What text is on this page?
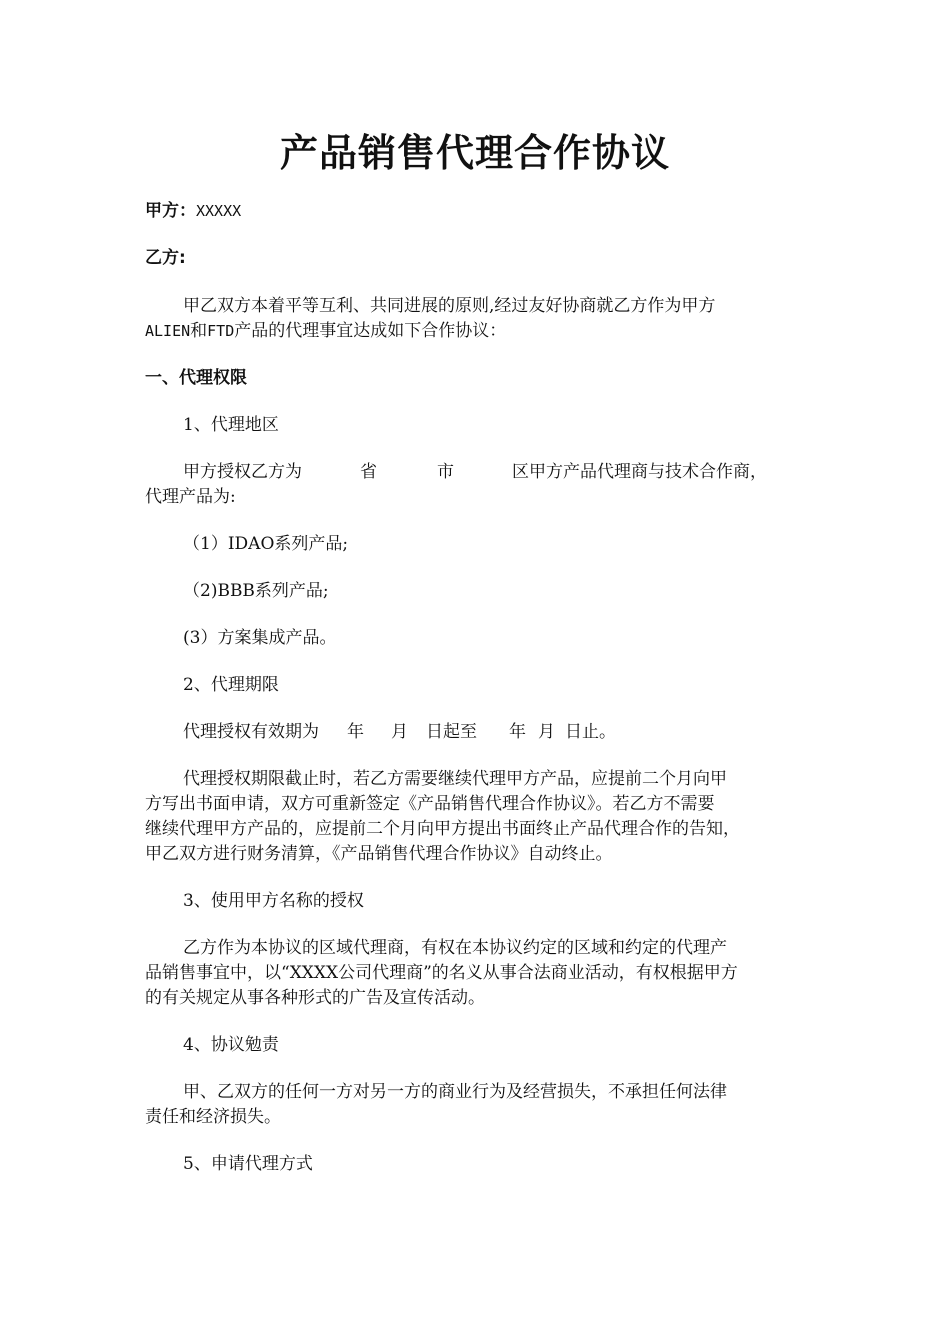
产品销售代理合作协议
甲方：XXXXX
乙方:
甲乙双方本着平等互利、共同进展的原则,经过友好协商就乙方作为甲方
ALIEN和FTD产品的代理事宜达成如下合作协议：
一、代理权限
1、代理地区
甲方授权乙方为	省	市	区甲方产品代理商与技术合作商，
代理产品为:
（1）IDAO系列产品;
（2)BBB系列产品;
(3）方案集成产品。
2、代理期限
代理授权有效期为 年 月 日起至 年 月 日止。
代理授权期限截止时，若乙方需要继续代理甲方产品，应提前二个月向甲
方写出书面申请，双方可重新签定《产品销售代理合作协议》。若乙方不需要
继续代理甲方产品的，应提前二个月向甲方提出书面终止产品代理合作的告知，
甲乙双方进行财务清算，《产品销售代理合作协议》自动终止。
3、使用甲方名称的授权
乙方作为本协议的区域代理商，有权在本协议约定的区域和约定的代理产
品销售事宜中，以“XXXX公司代理商”的名义从事合法商业活动，有权根据甲方
的有关规定从事各种形式的广告及宣传活动。
4、协议勉责
甲、乙双方的任何一方对另一方的商业行为及经营损失，不承担任何法律
责任和经济损失。
5、申请代理方式
